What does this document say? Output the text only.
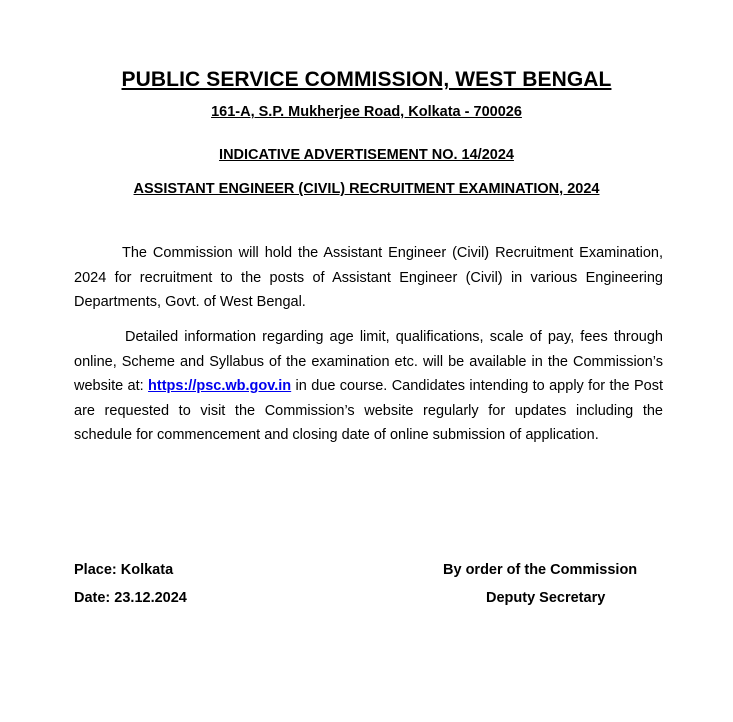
PUBLIC SERVICE COMMISSION, WEST BENGAL
161-A, S.P. Mukherjee Road, Kolkata - 700026
INDICATIVE ADVERTISEMENT NO. 14/2024
ASSISTANT ENGINEER (CIVIL) RECRUITMENT EXAMINATION, 2024

The Commission will hold the Assistant Engineer (Civil) Recruitment Examination, 2024 for recruitment to the posts of Assistant Engineer (Civil) in various Engineering Departments, Govt. of West Bengal.

Detailed information regarding age limit, qualifications, scale of pay, fees through online, Scheme and Syllabus of the examination etc. will be available in the Commission’s website at: https://psc.wb.gov.in in due course. Candidates intending to apply for the Post are requested to visit the Commission’s website regularly for updates including the schedule for commencement and closing date of online submission of application.

Place: Kolkata
Date: 23.12.2024
By order of the Commission
Deputy Secretary
